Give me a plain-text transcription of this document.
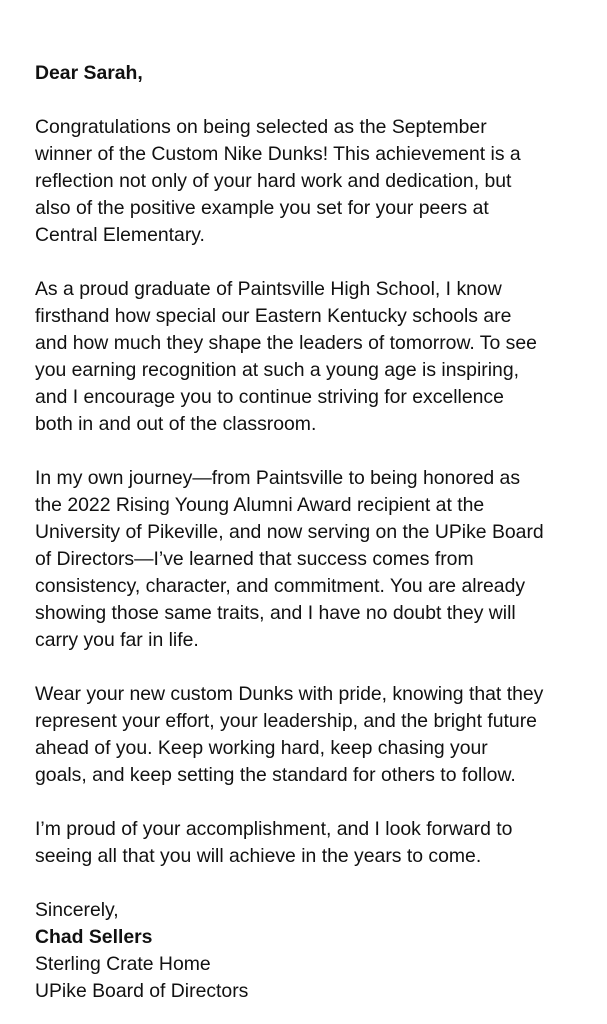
Dear Sarah,
Congratulations on being selected as the September
winner of the Custom Nike Dunks! This achievement is a
reflection not only of your hard work and dedication, but
also of the positive example you set for your peers at
Central Elementary.
As a proud graduate of Paintsville High School, I know
firsthand how special our Eastern Kentucky schools are
and how much they shape the leaders of tomorrow. To see
you earning recognition at such a young age is inspiring,
and I encourage you to continue striving for excellence
both in and out of the classroom.
In my own journey—from Paintsville to being honored as
the 2022 Rising Young Alumni Award recipient at the
University of Pikeville, and now serving on the UPike Board
of Directors—I’ve learned that success comes from
consistency, character, and commitment. You are already
showing those same traits, and I have no doubt they will
carry you far in life.
Wear your new custom Dunks with pride, knowing that they
represent your effort, your leadership, and the bright future
ahead of you. Keep working hard, keep chasing your
goals, and keep setting the standard for others to follow.
I’m proud of your accomplishment, and I look forward to
seeing all that you will achieve in the years to come.
Sincerely,
Chad Sellers
Sterling Crate Home
UPike Board of Directors
